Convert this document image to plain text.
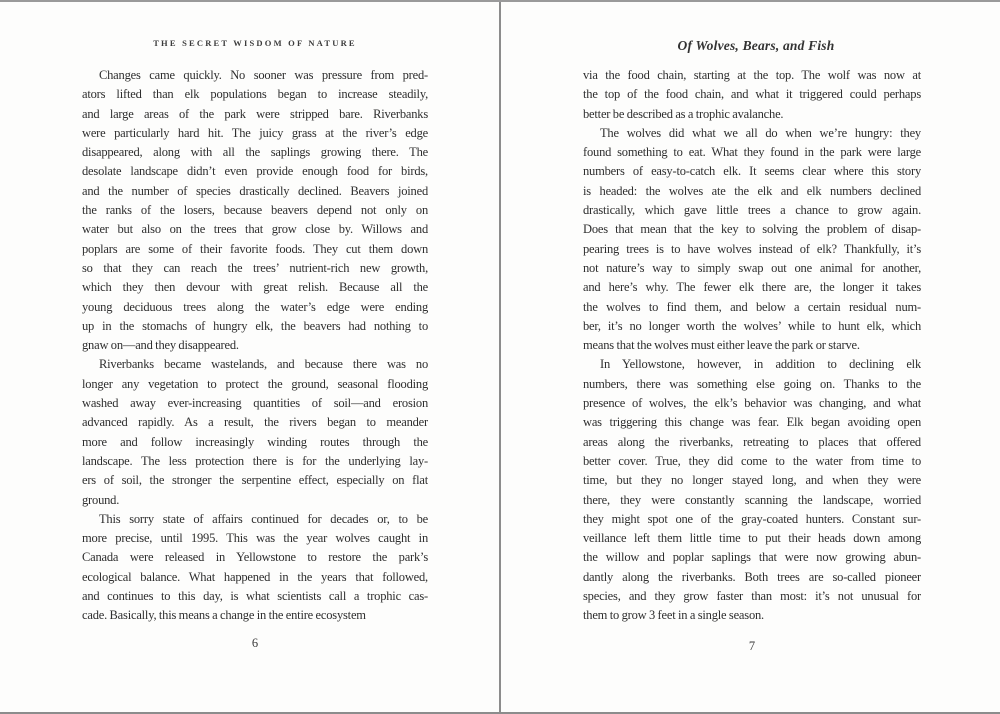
THE SECRET WISDOM OF NATURE
Changes came quickly. No sooner was pressure from pred-
ators lifted than elk populations began to increase steadily,
and large areas of the park were stripped bare. Riverbanks
were particularly hard hit. The juicy grass at the river’s edge
disappeared, along with all the saplings growing there. The
desolate landscape didn’t even provide enough food for birds,
and the number of species drastically declined. Beavers joined
the ranks of the losers, because beavers depend not only on
water but also on the trees that grow close by. Willows and
poplars are some of their favorite foods. They cut them down
so that they can reach the trees’ nutrient-rich new growth,
which they then devour with great relish. Because all the
young deciduous trees along the water’s edge were ending
up in the stomachs of hungry elk, the beavers had nothing to
gnaw on—and they disappeared.
Riverbanks became wastelands, and because there was no
longer any vegetation to protect the ground, seasonal flooding
washed away ever-increasing quantities of soil—and erosion
advanced rapidly. As a result, the rivers began to meander
more and follow increasingly winding routes through the
landscape. The less protection there is for the underlying lay-
ers of soil, the stronger the serpentine effect, especially on flat
ground.
This sorry state of affairs continued for decades or, to be
more precise, until 1995. This was the year wolves caught in
Canada were released in Yellowstone to restore the park’s
ecological balance. What happened in the years that followed,
and continues to this day, is what scientists call a trophic cas-
cade. Basically, this means a change in the entire ecosystem
6
Of Wolves, Bears, and Fish
via the food chain, starting at the top. The wolf was now at
the top of the food chain, and what it triggered could perhaps
better be described as a trophic avalanche.
The wolves did what we all do when we’re hungry: they
found something to eat. What they found in the park were large
numbers of easy-to-catch elk. It seems clear where this story
is headed: the wolves ate the elk and elk numbers declined
drastically, which gave little trees a chance to grow again.
Does that mean that the key to solving the problem of disap-
pearing trees is to have wolves instead of elk? Thankfully, it’s
not nature’s way to simply swap out one animal for another,
and here’s why. The fewer elk there are, the longer it takes
the wolves to find them, and below a certain residual num-
ber, it’s no longer worth the wolves’ while to hunt elk, which
means that the wolves must either leave the park or starve.
In Yellowstone, however, in addition to declining elk
numbers, there was something else going on. Thanks to the
presence of wolves, the elk’s behavior was changing, and what
was triggering this change was fear. Elk began avoiding open
areas along the riverbanks, retreating to places that offered
better cover. True, they did come to the water from time to
time, but they no longer stayed long, and when they were
there, they were constantly scanning the landscape, worried
they might spot one of the gray-coated hunters. Constant sur-
veillance left them little time to put their heads down among
the willow and poplar saplings that were now growing abun-
dantly along the riverbanks. Both trees are so-called pioneer
species, and they grow faster than most: it’s not unusual for
them to grow 3 feet in a single season.
7
